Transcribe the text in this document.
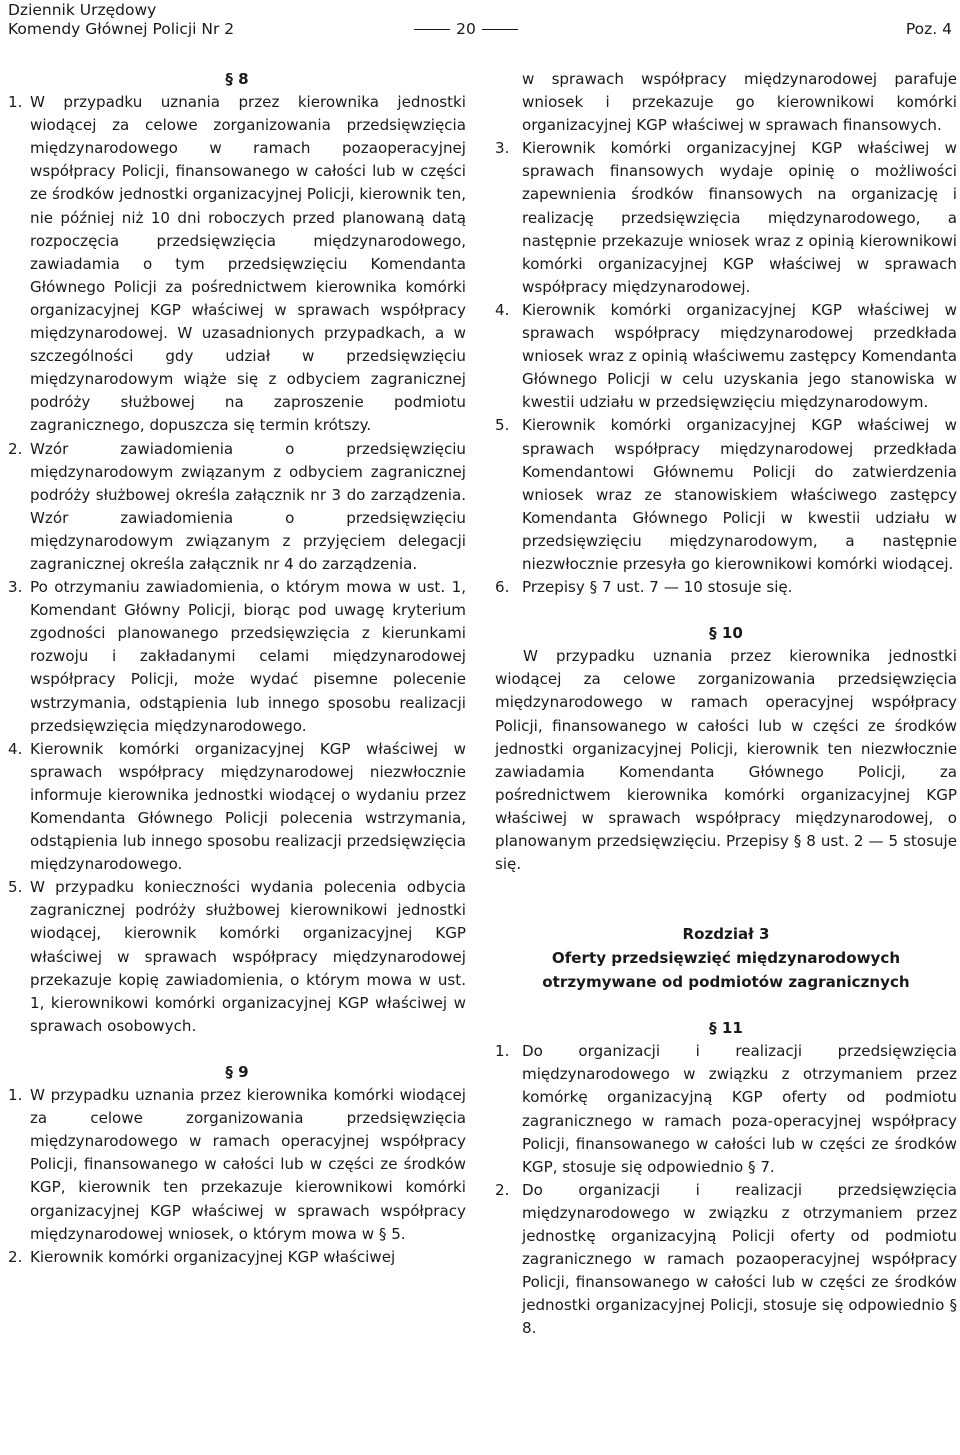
Dziennik Urzędowy
Komendy Głównej Policji Nr 2	20	Poz. 4

§ 8

1. W przypadku uznania przez kierownika jednostki wiodącej za celowe zorganizowania przedsięwzięcia międzynarodowego w ramach pozaoperacyjnej współpracy Policji, finansowanego w całości lub w części ze środków jednostki organizacyjnej Policji, kierownik ten, nie później niż 10 dni roboczych przed planowaną datą rozpoczęcia przedsięwzięcia międzynarodowego, zawiadamia o tym przedsięwzięciu Komendanta Głównego Policji za pośrednictwem kierownika komórki organizacyjnej KGP właściwej w sprawach współpracy międzynarodowej. W uzasadnionych przypadkach, a w szczególności gdy udział w przedsięwzięciu międzynarodowym wiąże się z odbyciem zagranicznej podróży służbowej na zaproszenie podmiotu zagranicznego, dopuszcza się termin krótszy.
2. Wzór zawiadomienia o przedsięwzięciu międzynarodowym związanym z odbyciem zagranicznej podróży służbowej określa załącznik nr 3 do zarządzenia. Wzór zawiadomienia o przedsięwzięciu międzynarodowym związanym z przyjęciem delegacji zagranicznej określa załącznik nr 4 do zarządzenia.
3. Po otrzymaniu zawiadomienia, o którym mowa w ust. 1, Komendant Główny Policji, biorąc pod uwagę kryterium zgodności planowanego przedsięwzięcia z kierunkami rozwoju i zakładanymi celami międzynarodowej współpracy Policji, może wydać pisemne polecenie wstrzymania, odstąpienia lub innego sposobu realizacji przedsięwzięcia międzynarodowego.
4. Kierownik komórki organizacyjnej KGP właściwej w sprawach współpracy międzynarodowej niezwłocznie informuje kierownika jednostki wiodącej o wydaniu przez Komendanta Głównego Policji polecenia wstrzymania, odstąpienia lub innego sposobu realizacji przedsięwzięcia międzynarodowego.
5. W przypadku konieczności wydania polecenia odbycia zagranicznej podróży służbowej kierownikowi jednostki wiodącej, kierownik komórki organizacyjnej KGP właściwej w sprawach współpracy międzynarodowej przekazuje kopię zawiadomienia, o którym mowa w ust. 1, kierownikowi komórki organizacyjnej KGP właściwej w sprawach osobowych.

§ 9

1. W przypadku uznania przez kierownika komórki wiodącej za celowe zorganizowania przedsięwzięcia międzynarodowego w ramach operacyjnej współpracy Policji, finansowanego w całości lub w części ze środków KGP, kierownik ten przekazuje kierownikowi komórki organizacyjnej KGP właściwej w sprawach współpracy międzynarodowej wniosek, o którym mowa w § 5.
2. Kierownik komórki organizacyjnej KGP właściwej

w sprawach współpracy międzynarodowej parafuje wniosek i przekazuje go kierownikowi komórki organizacyjnej KGP właściwej w sprawach finansowych.

3. Kierownik komórki organizacyjnej KGP właściwej w sprawach finansowych wydaje opinię o możliwości zapewnienia środków finansowych na organizację i realizację przedsięwzięcia międzynarodowego, a następnie przekazuje wniosek wraz z opinią kierownikowi komórki organizacyjnej KGP właściwej w sprawach współpracy międzynarodowej.
4. Kierownik komórki organizacyjnej KGP właściwej w sprawach współpracy międzynarodowej przedkłada wniosek wraz z opinią właściwemu zastępcy Komendanta Głównego Policji w celu uzyskania jego stanowiska w kwestii udziału w przedsięwzięciu międzynarodowym.
5. Kierownik komórki organizacyjnej KGP właściwej w sprawach współpracy międzynarodowej przedkłada Komendantowi Głównemu Policji do zatwierdzenia wniosek wraz ze stanowiskiem właściwego zastępcy Komendanta Głównego Policji w kwestii udziału w przedsięwzięciu międzynarodowym, a następnie niezwłocznie przesyła go kierownikowi komórki wiodącej.
6. Przepisy § 7 ust. 7 — 10 stosuje się.

§ 10

W przypadku uznania przez kierownika jednostki wiodącej za celowe zorganizowania przedsięwzięcia międzynarodowego w ramach operacyjnej współpracy Policji, finansowanego w całości lub w części ze środków jednostki organizacyjnej Policji, kierownik ten niezwłocznie zawiadamia Komendanta Głównego Policji, za pośrednictwem kierownika komórki organizacyjnej KGP właściwej w sprawach współpracy międzynarodowej, o planowanym przedsięwzięciu. Przepisy § 8 ust. 2 — 5 stosuje się.

Rozdział 3

Oferty przedsięwzięć międzynarodowych

otrzymywane od podmiotów zagranicznych

§ 11

1. Do organizacji i realizacji przedsięwzięcia międzynarodowego w związku z otrzymaniem przez komórkę organizacyjną KGP oferty od podmiotu zagranicznego w ramach poza-operacyjnej współpracy Policji, finansowanego w całości lub w części ze środków KGP, stosuje się odpowiednio § 7.
2. Do organizacji i realizacji przedsięwzięcia międzynarodowego w związku z otrzymaniem przez jednostkę organizacyjną Policji oferty od podmiotu zagranicznego w ramach pozaoperacyjnej współpracy Policji, finansowanego w całości lub w części ze środków jednostki organizacyjnej Policji, stosuje się odpowiednio § 8.
